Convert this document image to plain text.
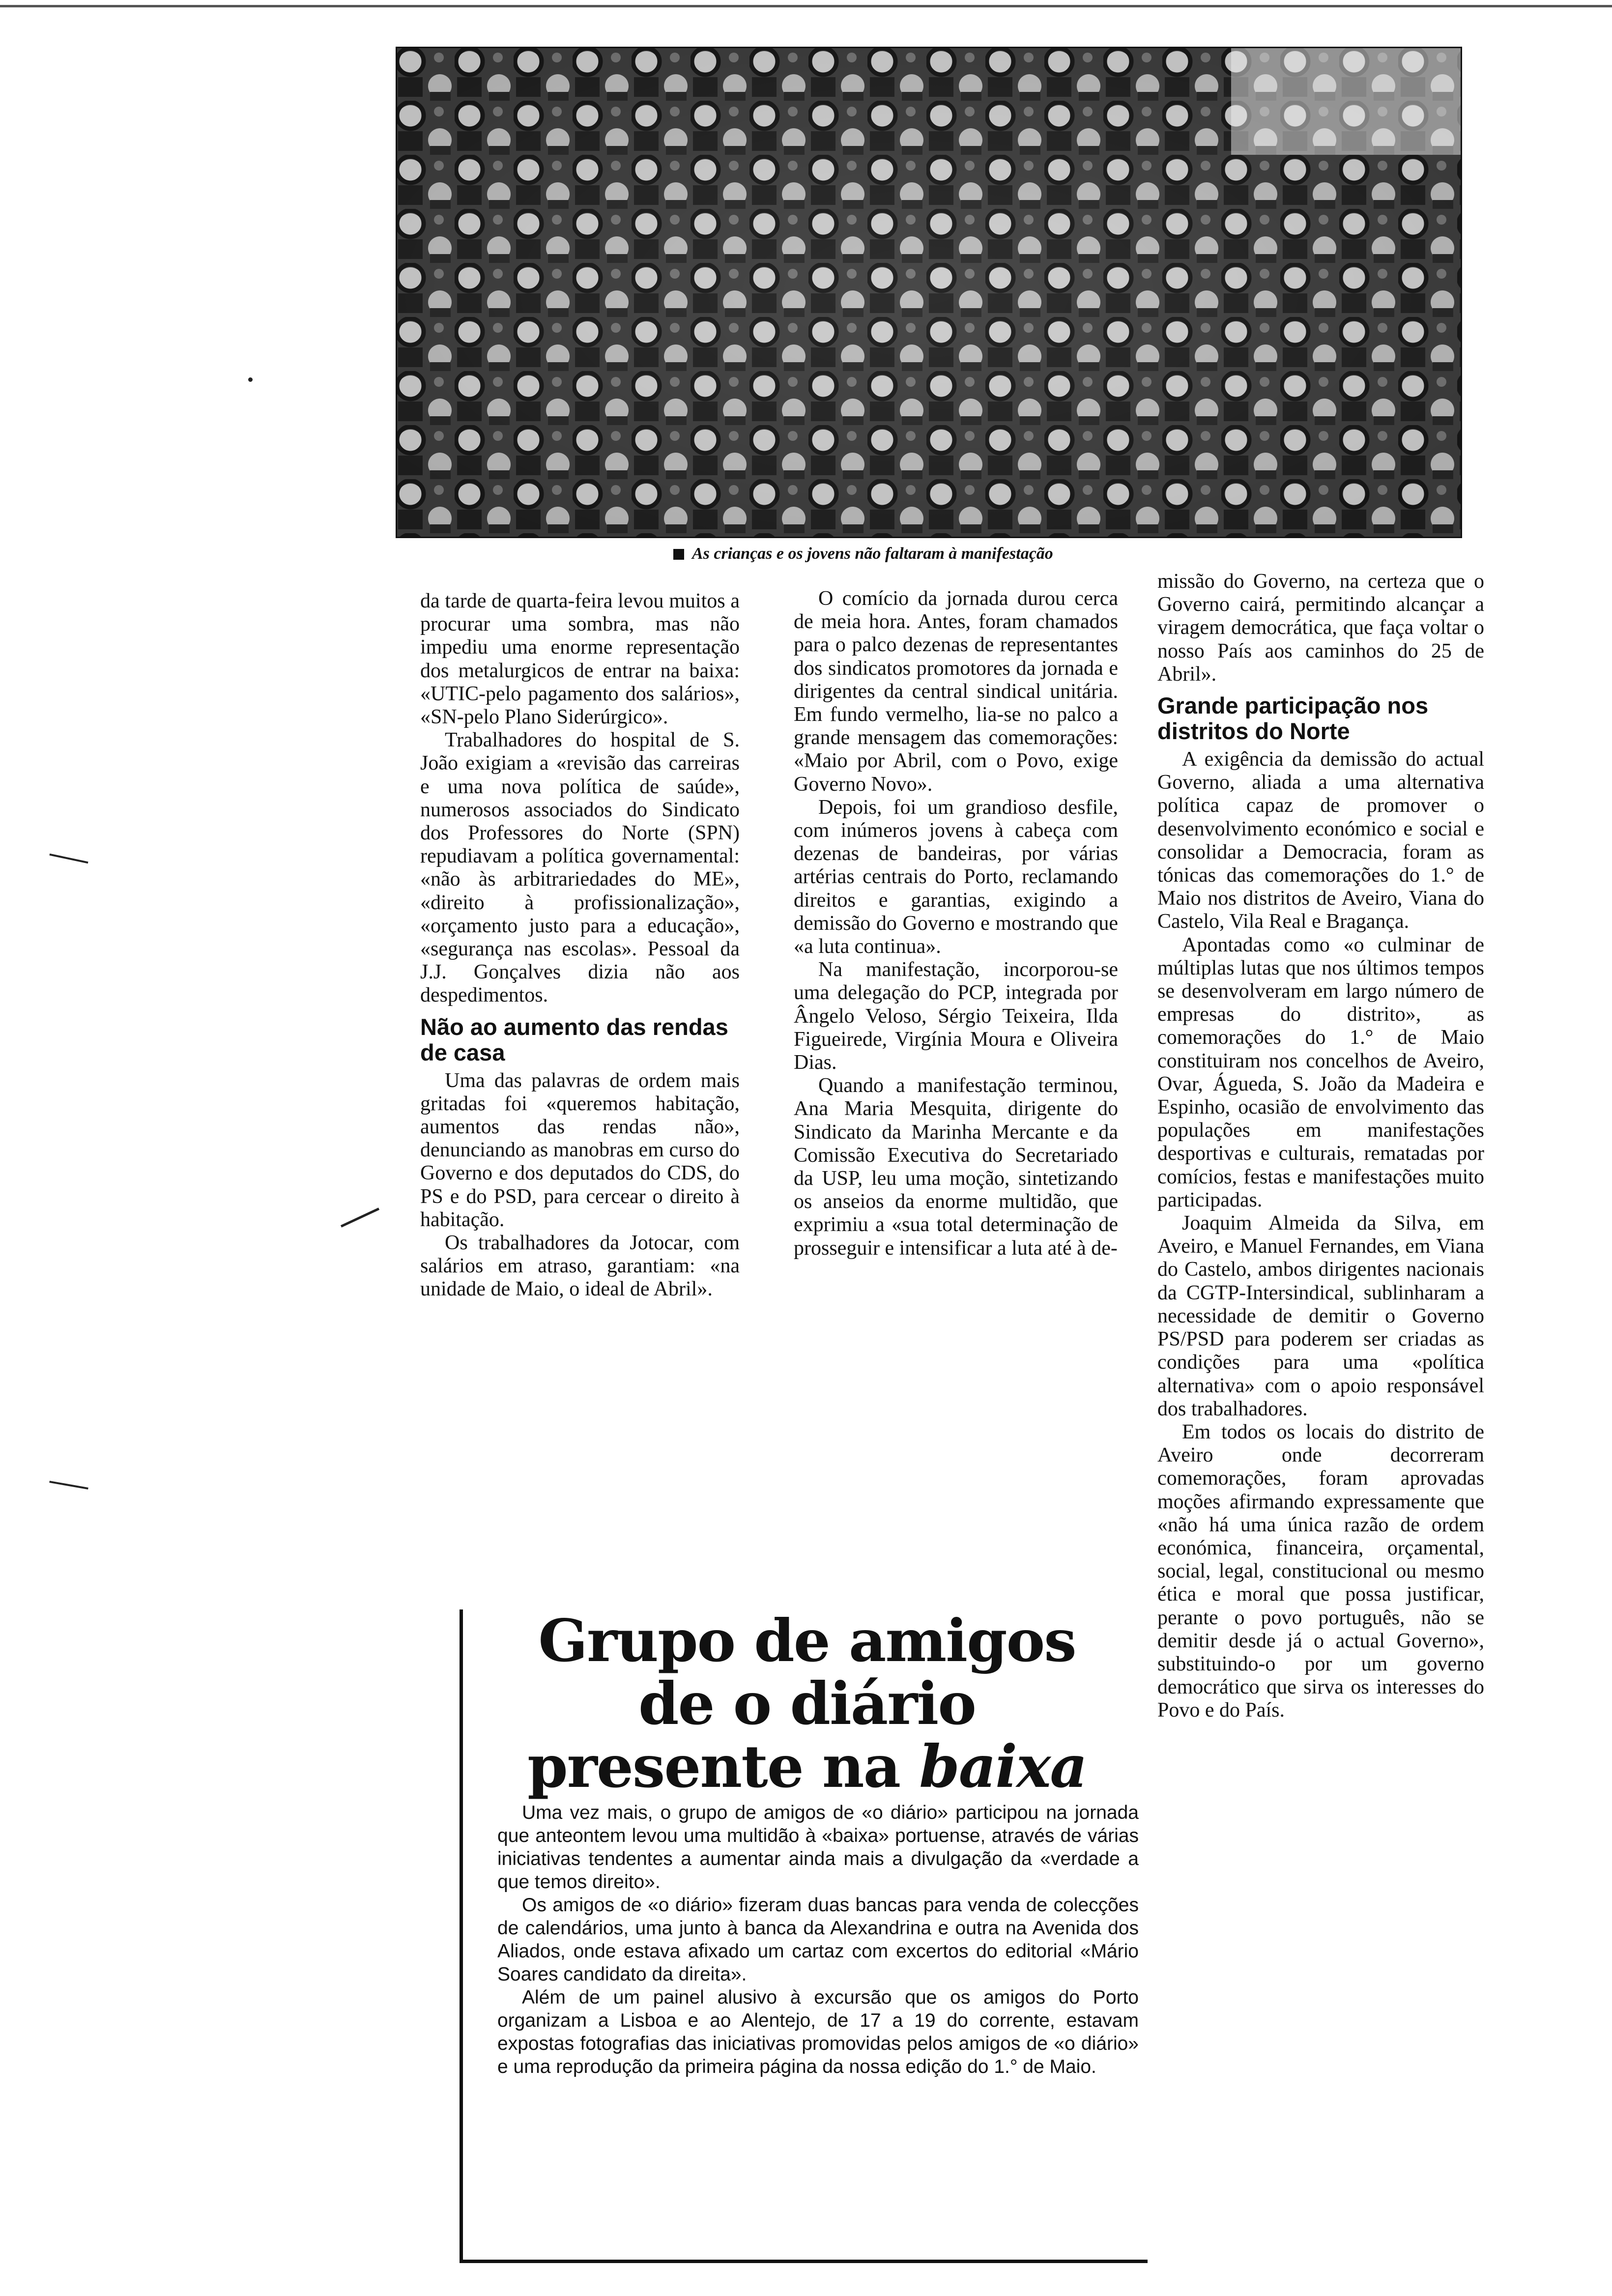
As crianças e os jovens não faltaram à manifestação

da tarde de quarta-feira levou muitos a procurar uma sombra, mas não impediu uma enorme representação dos metalurgicos de entrar na baixa: «UTIC-pelo pagamento dos salários», «SN-pelo Plano Siderúrgico».

Trabalhadores do hospital de S. João exigiam a «revisão das carreiras e uma nova política de saúde», numerosos associados do Sindicato dos Professores do Norte (SPN) repudiavam a política governamental: «não às arbitrariedades do ME», «direito à profissionalização», «orçamento justo para a educação», «segurança nas escolas». Pessoal da J.J. Gonçalves dizia não aos despedimentos.

Não ao aumento das rendas de casa

Uma das palavras de ordem mais gritadas foi «queremos habitação, aumentos das rendas não», denunciando as manobras em curso do Governo e dos deputados do CDS, do PS e do PSD, para cercear o direito à habitação.

Os trabalhadores da Jotocar, com salários em atraso, garantiam: «na unidade de Maio, o ideal de Abril».

O comício da jornada durou cerca de meia hora. Antes, foram chamados para o palco dezenas de representantes dos sindicatos promotores da jornada e dirigentes da central sindical unitária. Em fundo vermelho, lia-se no palco a grande mensagem das comemorações: «Maio por Abril, com o Povo, exige Governo Novo».

Depois, foi um grandioso desfile, com inúmeros jovens à cabeça com dezenas de bandeiras, por várias artérias centrais do Porto, reclamando direitos e garantias, exigindo a demissão do Governo e mostrando que «a luta continua».

Na manifestação, incorporou-se uma delegação do PCP, integrada por Ângelo Veloso, Sérgio Teixeira, Ilda Figueirede, Virgínia Moura e Oliveira Dias.

Quando a manifestação terminou, Ana Maria Mesquita, dirigente do Sindicato da Marinha Mercante e da Comissão Executiva do Secretariado da USP, leu uma moção, sintetizando os anseios da enorme multidão, que exprimiu a «sua total determinação de prosseguir e intensificar a luta até à de-

missão do Governo, na certeza que o Governo cairá, permitindo alcançar a viragem democrática, que faça voltar o nosso País aos caminhos do 25 de Abril».

Grande participação nos distritos do Norte

A exigência da demissão do actual Governo, aliada a uma alternativa política capaz de promover o desenvolvimento económico e social e consolidar a Democracia, foram as tónicas das comemorações do 1.° de Maio nos distritos de Aveiro, Viana do Castelo, Vila Real e Bragança.

Apontadas como «o culminar de múltiplas lutas que nos últimos tempos se desenvolveram em largo número de empresas do distrito», as comemorações do 1.° de Maio constituiram nos concelhos de Aveiro, Ovar, Águeda, S. João da Madeira e Espinho, ocasião de envolvimento das populações em manifestações desportivas e culturais, rematadas por comícios, festas e manifestações muito participadas.

Joaquim Almeida da Silva, em Aveiro, e Manuel Fernandes, em Viana do Castelo, ambos dirigentes nacionais da CGTP-Intersindical, sublinharam a necessidade de demitir o Governo PS/PSD para poderem ser criadas as condições para uma «política alternativa» com o apoio responsável dos trabalhadores.

Em todos os locais do distrito de Aveiro onde decorreram comemorações, foram aprovadas moções afirmando expressamente que «não há uma única razão de ordem económica, financeira, orçamental, social, legal, constitucional ou mesmo ética e moral que possa justificar, perante o povo português, não se demitir desde já o actual Governo», substituindo-o por um governo democrático que sirva os interesses do Povo e do País.

Grupo de amigos
de o diário
presente na baixa

Uma vez mais, o grupo de amigos de «o diário» participou na jornada que anteontem levou uma multidão à «baixa» portuense, através de várias iniciativas tendentes a aumentar ainda mais a divulgação da «verdade a que temos direito».

Os amigos de «o diário» fizeram duas bancas para venda de colecções de calendários, uma junto à banca da Alexandrina e outra na Avenida dos Aliados, onde estava afixado um cartaz com excertos do editorial «Mário Soares candidato da direita».

Além de um painel alusivo à excursão que os amigos do Porto organizam a Lisboa e ao Alentejo, de 17 a 19 do corrente, estavam expostas fotografias das iniciativas promovidas pelos amigos de «o diário» e uma reprodução da primeira página da nossa edição do 1.° de Maio.
